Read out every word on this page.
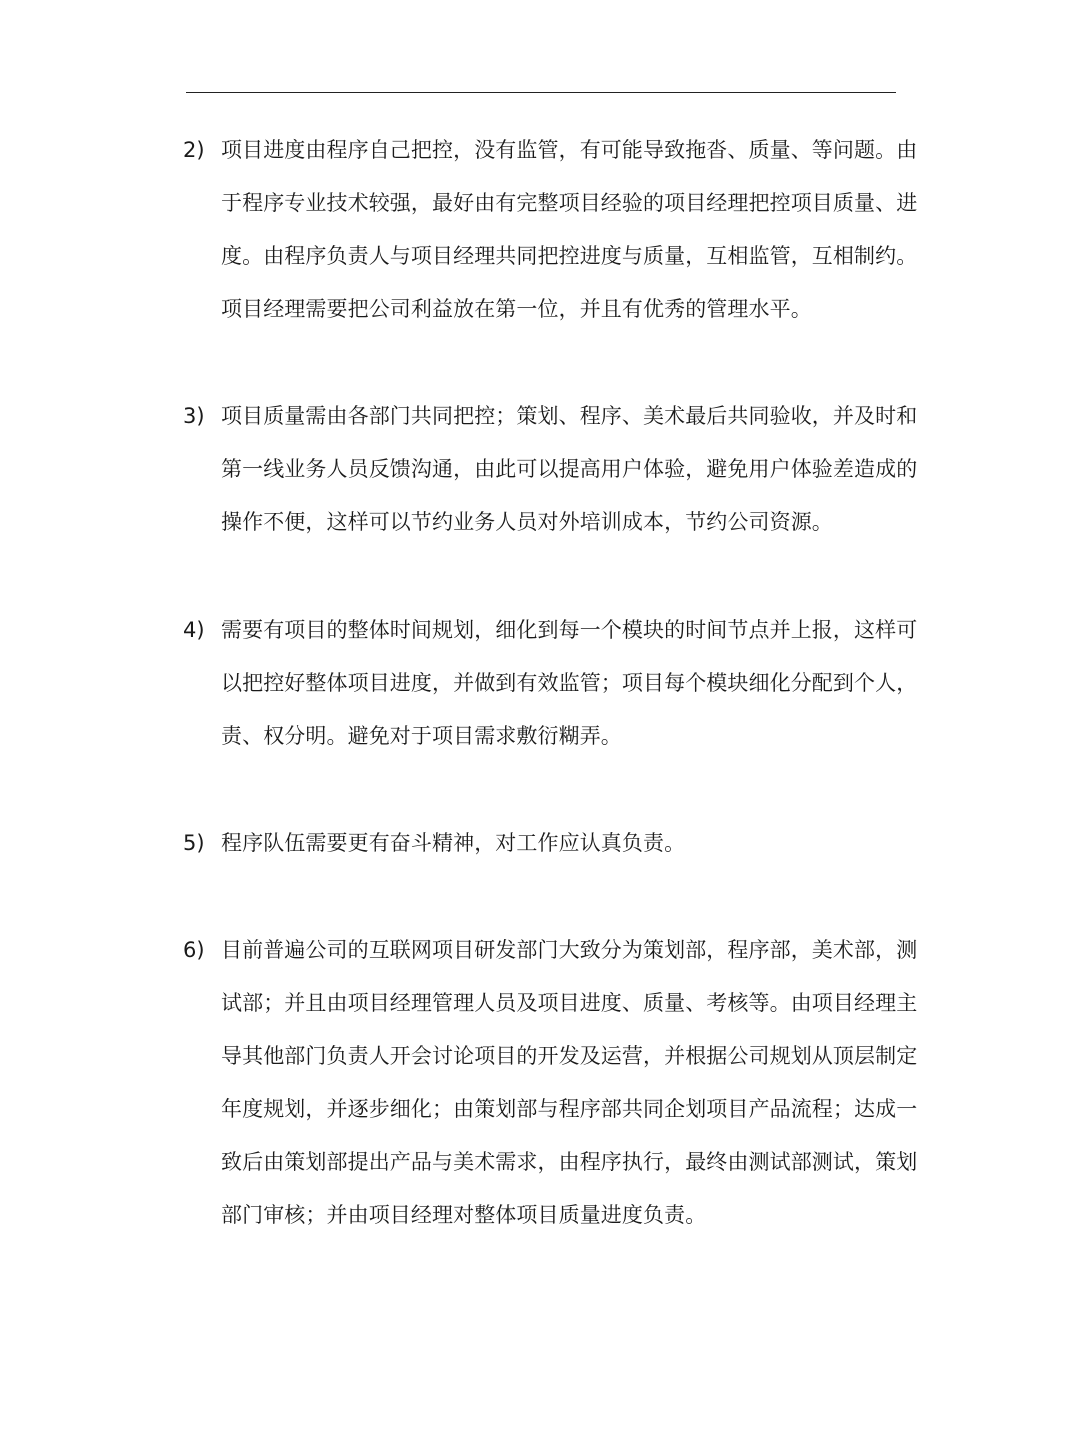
2) 项目进度由程序自己把控，没有监管，有可能导致拖沓、质量、等问题。由
于程序专业技术较强，最好由有完整项目经验的项目经理把控项目质量、进
度。由程序负责人与项目经理共同把控进度与质量，互相监管，互相制约。
项目经理需要把公司利益放在第一位，并且有优秀的管理水平。
3) 项目质量需由各部门共同把控；策划、程序、美术最后共同验收，并及时和
第一线业务人员反馈沟通，由此可以提高用户体验，避免用户体验差造成的
操作不便，这样可以节约业务人员对外培训成本，节约公司资源。
4) 需要有项目的整体时间规划，细化到每一个模块的时间节点并上报，这样可
以把控好整体项目进度，并做到有效监管；项目每个模块细化分配到个人，
责、权分明。避免对于项目需求敷衍糊弄。
5) 程序队伍需要更有奋斗精神，对工作应认真负责。
6) 目前普遍公司的互联网项目研发部门大致分为策划部，程序部，美术部，测
试部；并且由项目经理管理人员及项目进度、质量、考核等。由项目经理主
导其他部门负责人开会讨论项目的开发及运营，并根据公司规划从顶层制定
年度规划，并逐步细化；由策划部与程序部共同企划项目产品流程；达成一
致后由策划部提出产品与美术需求，由程序执行，最终由测试部测试，策划
部门审核；并由项目经理对整体项目质量进度负责。
